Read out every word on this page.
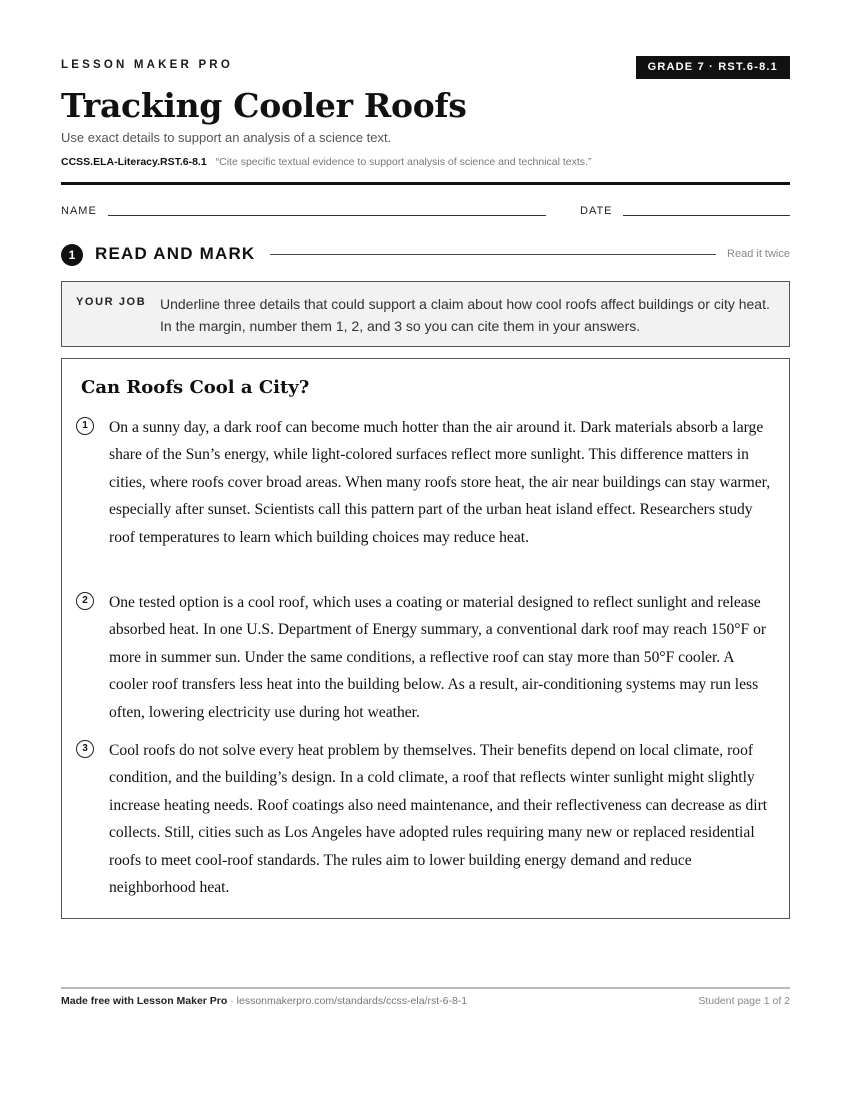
LESSON MAKER PRO	GRADE 7 · RST.6-8.1
Tracking Cooler Roofs
Use exact details to support an analysis of a science text.
CCSS.ELA-Literacy.RST.6-8.1 “Cite specific textual evidence to support analysis of science and technical texts.”
NAME	DATE
1	READ AND MARK	Read it twice
YOUR JOB Underline three details that could support a claim about how cool roofs affect buildings or city heat. In the margin, number them 1, 2, and 3 so you can cite them in your answers.
Can Roofs Cool a City?
1	On a sunny day, a dark roof can become much hotter than the air around it. Dark materials absorb a large share of the Sun’s energy, while light-colored surfaces reflect more sunlight. This difference matters in cities, where roofs cover broad areas. When many roofs store heat, the air near buildings can stay warmer, especially after sunset. Scientists call this pattern part of the urban heat island effect. Researchers study roof temperatures to learn which building choices may reduce heat.
2	One tested option is a cool roof, which uses a coating or material designed to reflect sunlight and release absorbed heat. In one U.S. Department of Energy summary, a conventional dark roof may reach 150°F or more in summer sun. Under the same conditions, a reflective roof can stay more than 50°F cooler. A cooler roof transfers less heat into the building below. As a result, air-conditioning systems may run less often, lowering electricity use during hot weather.
3	Cool roofs do not solve every heat problem by themselves. Their benefits depend on local climate, roof condition, and the building’s design. In a cold climate, a roof that reflects winter sunlight might slightly increase heating needs. Roof coatings also need maintenance, and their reflectiveness can decrease as dirt collects. Still, cities such as Los Angeles have adopted rules requiring many new or replaced residential roofs to meet cool-roof standards. The rules aim to lower building energy demand and reduce neighborhood heat.
Made free with Lesson Maker Pro · lessonmakerpro.com/standards/ccss-ela/rst-6-8-1	Student page 1 of 2
